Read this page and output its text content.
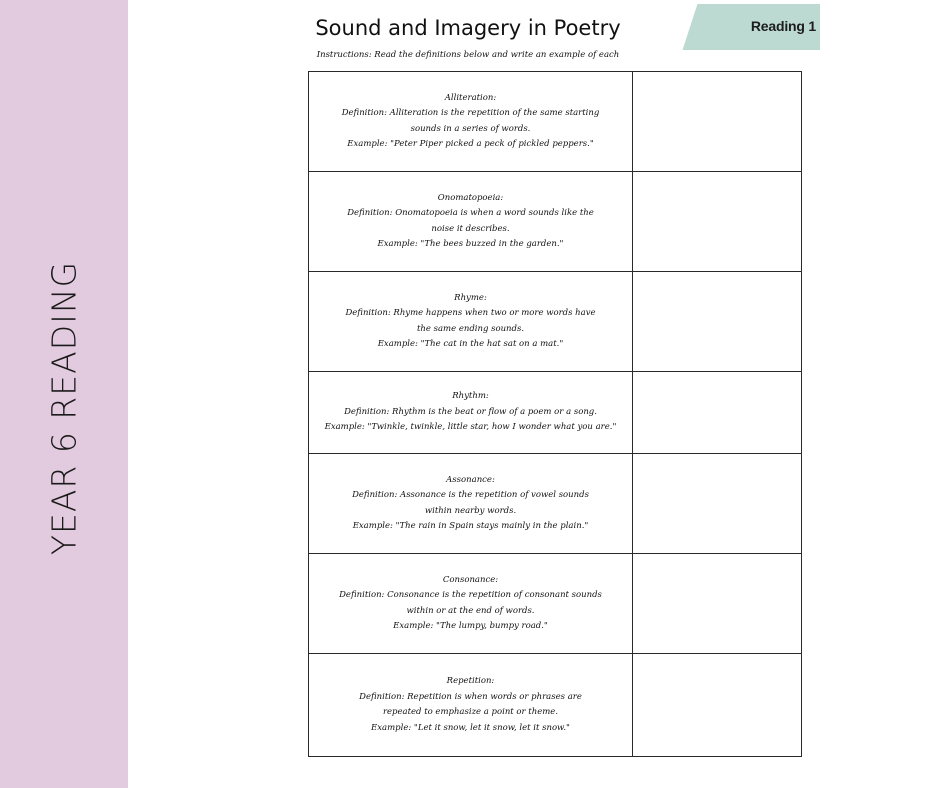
YEAR 6 READING
Reading 1
Sound and Imagery in Poetry
Instructions: Read the definitions below and write an example of each
Alliteration:
Definition: Alliteration is the repetition of the same starting
sounds in a series of words.
Example: "Peter Piper picked a peck of pickled peppers."	

Onomatopoeia:
Definition: Onomatopoeia is when a word sounds like the
noise it describes.
Example: "The bees buzzed in the garden."	

Rhyme:
Definition: Rhyme happens when two or more words have
the same ending sounds.
Example: "The cat in the hat sat on a mat."	

Rhythm:
Definition: Rhythm is the beat or flow of a poem or a song.
Example: "Twinkle, twinkle, little star, how I wonder what you are."	

Assonance:
Definition: Assonance is the repetition of vowel sounds
within nearby words.
Example: "The rain in Spain stays mainly in the plain."	

Consonance:
Definition: Consonance is the repetition of consonant sounds
within or at the end of words.
Example: "The lumpy, bumpy road."	

Repetition:
Definition: Repetition is when words or phrases are
repeated to emphasize a point or theme.
Example: "Let it snow, let it snow, let it snow."	
